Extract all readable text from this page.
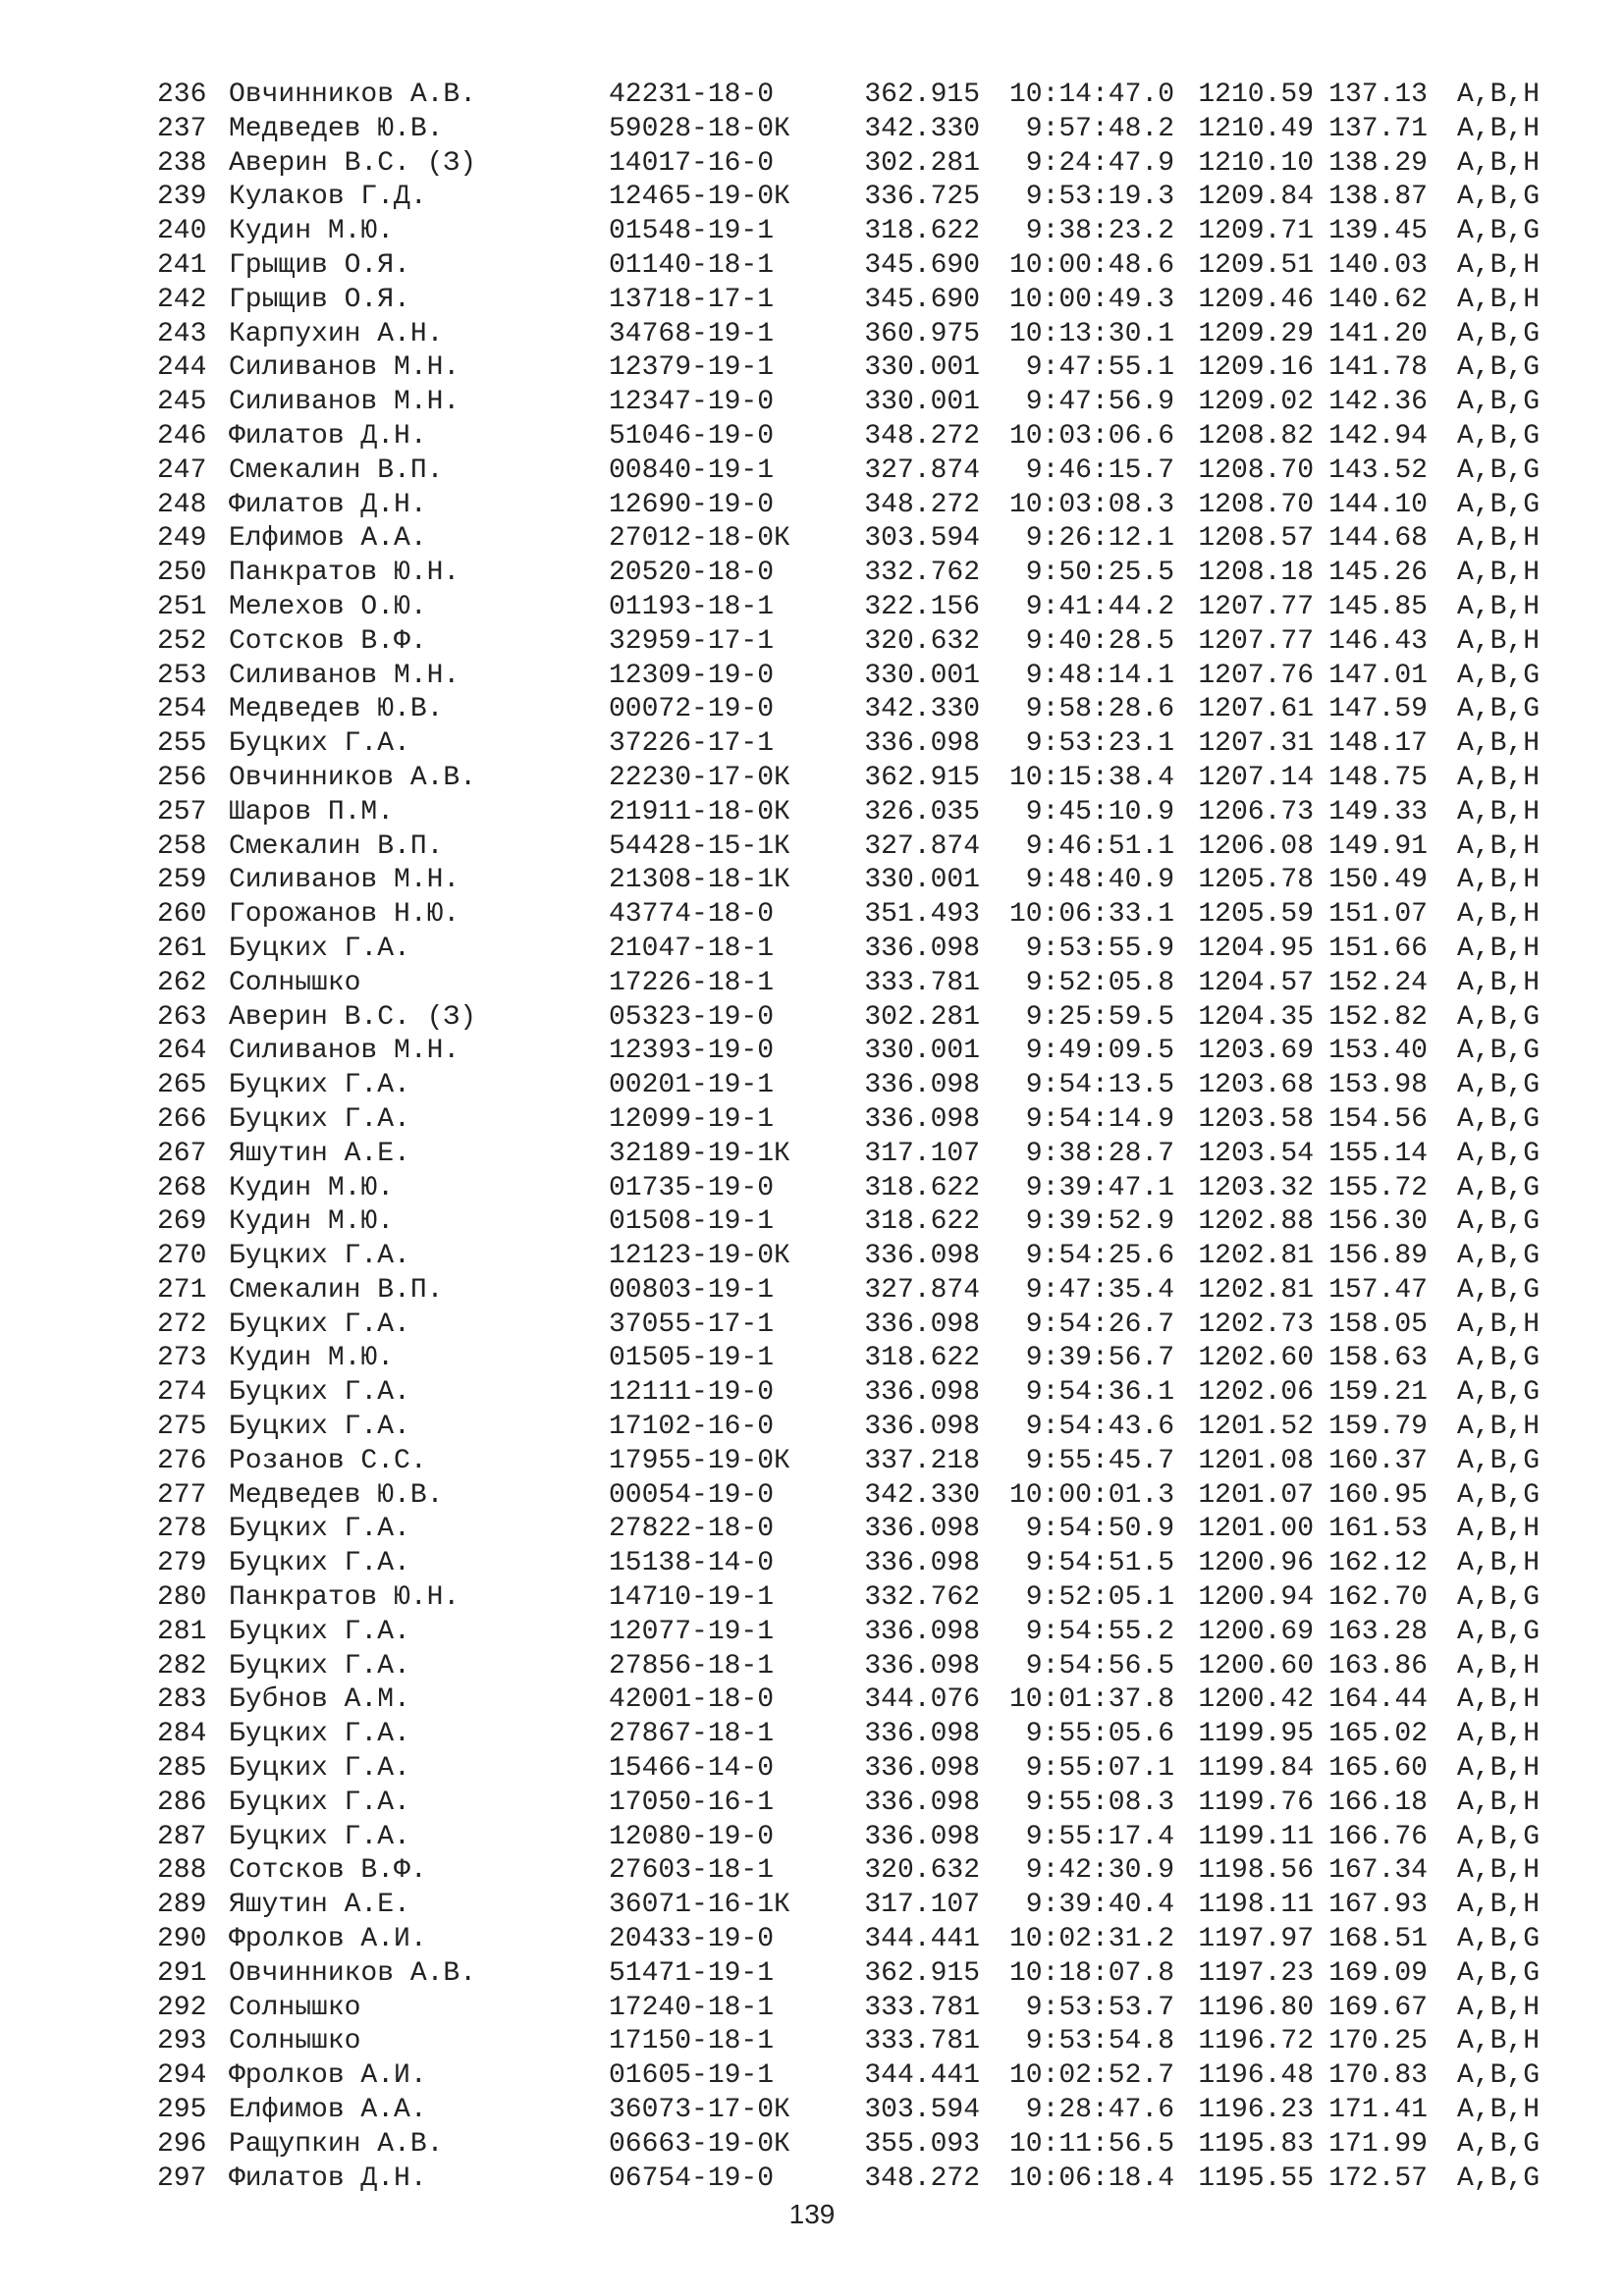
236 Овчинников А.В.	42231-18-0	362.915	10:14:47.0 1210.59 137.13 A,B,H
237 Медведев Ю.В.	59028-18-0К	342.330	9:57:48.2 1210.49 137.71 A,B,H
238 Аверин В.С. (З)	14017-16-0	302.281	9:24:47.9 1210.10 138.29 A,B,H
239 Кулаков Г.Д.	12465-19-0К	336.725	9:53:19.3 1209.84 138.87 A,B,G
240 Кудин М.Ю.	01548-19-1	318.622	9:38:23.2 1209.71 139.45 A,B,G
241 Грыщив О.Я.	01140-18-1	345.690	10:00:48.6 1209.51 140.03 A,B,H
242 Грыщив О.Я.	13718-17-1	345.690	10:00:49.3 1209.46 140.62 A,B,H
243 Карпухин А.Н.	34768-19-1	360.975	10:13:30.1 1209.29 141.20 A,B,G
244 Силиванов М.Н.	12379-19-1	330.001	9:47:55.1 1209.16 141.78 A,B,G
245 Силиванов М.Н.	12347-19-0	330.001	9:47:56.9 1209.02 142.36 A,B,G
246 Филатов Д.Н.	51046-19-0	348.272	10:03:06.6 1208.82 142.94 A,B,G
247 Смекалин В.П.	00840-19-1	327.874	9:46:15.7 1208.70 143.52 A,B,G
248 Филатов Д.Н.	12690-19-0	348.272	10:03:08.3 1208.70 144.10 A,B,G
249 Елфимов А.А.	27012-18-0К	303.594	9:26:12.1 1208.57 144.68 A,B,H
250 Панкратов Ю.Н.	20520-18-0	332.762	9:50:25.5 1208.18 145.26 A,B,H
251 Мелехов О.Ю.	01193-18-1	322.156	9:41:44.2 1207.77 145.85 A,B,H
252 Сотсков В.Ф.	32959-17-1	320.632	9:40:28.5 1207.77 146.43 A,B,H
253 Силиванов М.Н.	12309-19-0	330.001	9:48:14.1 1207.76 147.01 A,B,G
254 Медведев Ю.В.	00072-19-0	342.330	9:58:28.6 1207.61 147.59 A,B,G
255 Буцких Г.А.	37226-17-1	336.098	9:53:23.1 1207.31 148.17 A,B,H
256 Овчинников А.В.	22230-17-0К	362.915	10:15:38.4 1207.14 148.75 A,B,H
257 Шаров П.М.	21911-18-0К	326.035	9:45:10.9 1206.73 149.33 A,B,H
258 Смекалин В.П.	54428-15-1К	327.874	9:46:51.1 1206.08 149.91 A,B,H
259 Силиванов М.Н.	21308-18-1К	330.001	9:48:40.9 1205.78 150.49 A,B,H
260 Горожанов Н.Ю.	43774-18-0	351.493	10:06:33.1 1205.59 151.07 A,B,H
261 Буцких Г.А.	21047-18-1	336.098	9:53:55.9 1204.95 151.66 A,B,H
262 Солнышко	17226-18-1	333.781	9:52:05.8 1204.57 152.24 A,B,H
263 Аверин В.С. (З)	05323-19-0	302.281	9:25:59.5 1204.35 152.82 A,B,G
264 Силиванов М.Н.	12393-19-0	330.001	9:49:09.5 1203.69 153.40 A,B,G
265 Буцких Г.А.	00201-19-1	336.098	9:54:13.5 1203.68 153.98 A,B,G
266 Буцких Г.А.	12099-19-1	336.098	9:54:14.9 1203.58 154.56 A,B,G
267 Яшутин А.Е.	32189-19-1К	317.107	9:38:28.7 1203.54 155.14 A,B,G
268 Кудин М.Ю.	01735-19-0	318.622	9:39:47.1 1203.32 155.72 A,B,G
269 Кудин М.Ю.	01508-19-1	318.622	9:39:52.9 1202.88 156.30 A,B,G
270 Буцких Г.А.	12123-19-0К	336.098	9:54:25.6 1202.81 156.89 A,B,G
271 Смекалин В.П.	00803-19-1	327.874	9:47:35.4 1202.81 157.47 A,B,G
272 Буцких Г.А.	37055-17-1	336.098	9:54:26.7 1202.73 158.05 A,B,H
273 Кудин М.Ю.	01505-19-1	318.622	9:39:56.7 1202.60 158.63 A,B,G
274 Буцких Г.А.	12111-19-0	336.098	9:54:36.1 1202.06 159.21 A,B,G
275 Буцких Г.А.	17102-16-0	336.098	9:54:43.6 1201.52 159.79 A,B,H
276 Розанов С.С.	17955-19-0К	337.218	9:55:45.7 1201.08 160.37 A,B,G
277 Медведев Ю.В.	00054-19-0	342.330	10:00:01.3 1201.07 160.95 A,B,G
278 Буцких Г.А.	27822-18-0	336.098	9:54:50.9 1201.00 161.53 A,B,H
279 Буцких Г.А.	15138-14-0	336.098	9:54:51.5 1200.96 162.12 A,B,H
280 Панкратов Ю.Н.	14710-19-1	332.762	9:52:05.1 1200.94 162.70 A,B,G
281 Буцких Г.А.	12077-19-1	336.098	9:54:55.2 1200.69 163.28 A,B,G
282 Буцких Г.А.	27856-18-1	336.098	9:54:56.5 1200.60 163.86 A,B,H
283 Бубнов А.М.	42001-18-0	344.076	10:01:37.8 1200.42 164.44 A,B,H
284 Буцких Г.А.	27867-18-1	336.098	9:55:05.6 1199.95 165.02 A,B,H
285 Буцких Г.А.	15466-14-0	336.098	9:55:07.1 1199.84 165.60 A,B,H
286 Буцких Г.А.	17050-16-1	336.098	9:55:08.3 1199.76 166.18 A,B,H
287 Буцких Г.А.	12080-19-0	336.098	9:55:17.4 1199.11 166.76 A,B,G
288 Сотсков В.Ф.	27603-18-1	320.632	9:42:30.9 1198.56 167.34 A,B,H
289 Яшутин А.Е.	36071-16-1К	317.107	9:39:40.4 1198.11 167.93 A,B,H
290 Фролков А.И.	20433-19-0	344.441	10:02:31.2 1197.97 168.51 A,B,G
291 Овчинников А.В.	51471-19-1	362.915	10:18:07.8 1197.23 169.09 A,B,G
292 Солнышко	17240-18-1	333.781	9:53:53.7 1196.80 169.67 A,B,H
293 Солнышко	17150-18-1	333.781	9:53:54.8 1196.72 170.25 A,B,H
294 Фролков А.И.	01605-19-1	344.441	10:02:52.7 1196.48 170.83 A,B,G
295 Елфимов А.А.	36073-17-0К	303.594	9:28:47.6 1196.23 171.41 A,B,H
296 Ращупкин А.В.	06663-19-0К	355.093	10:11:56.5 1195.83 171.99 A,B,G
297 Филатов Д.Н.	06754-19-0	348.272	10:06:18.4 1195.55 172.57 A,B,G
139
